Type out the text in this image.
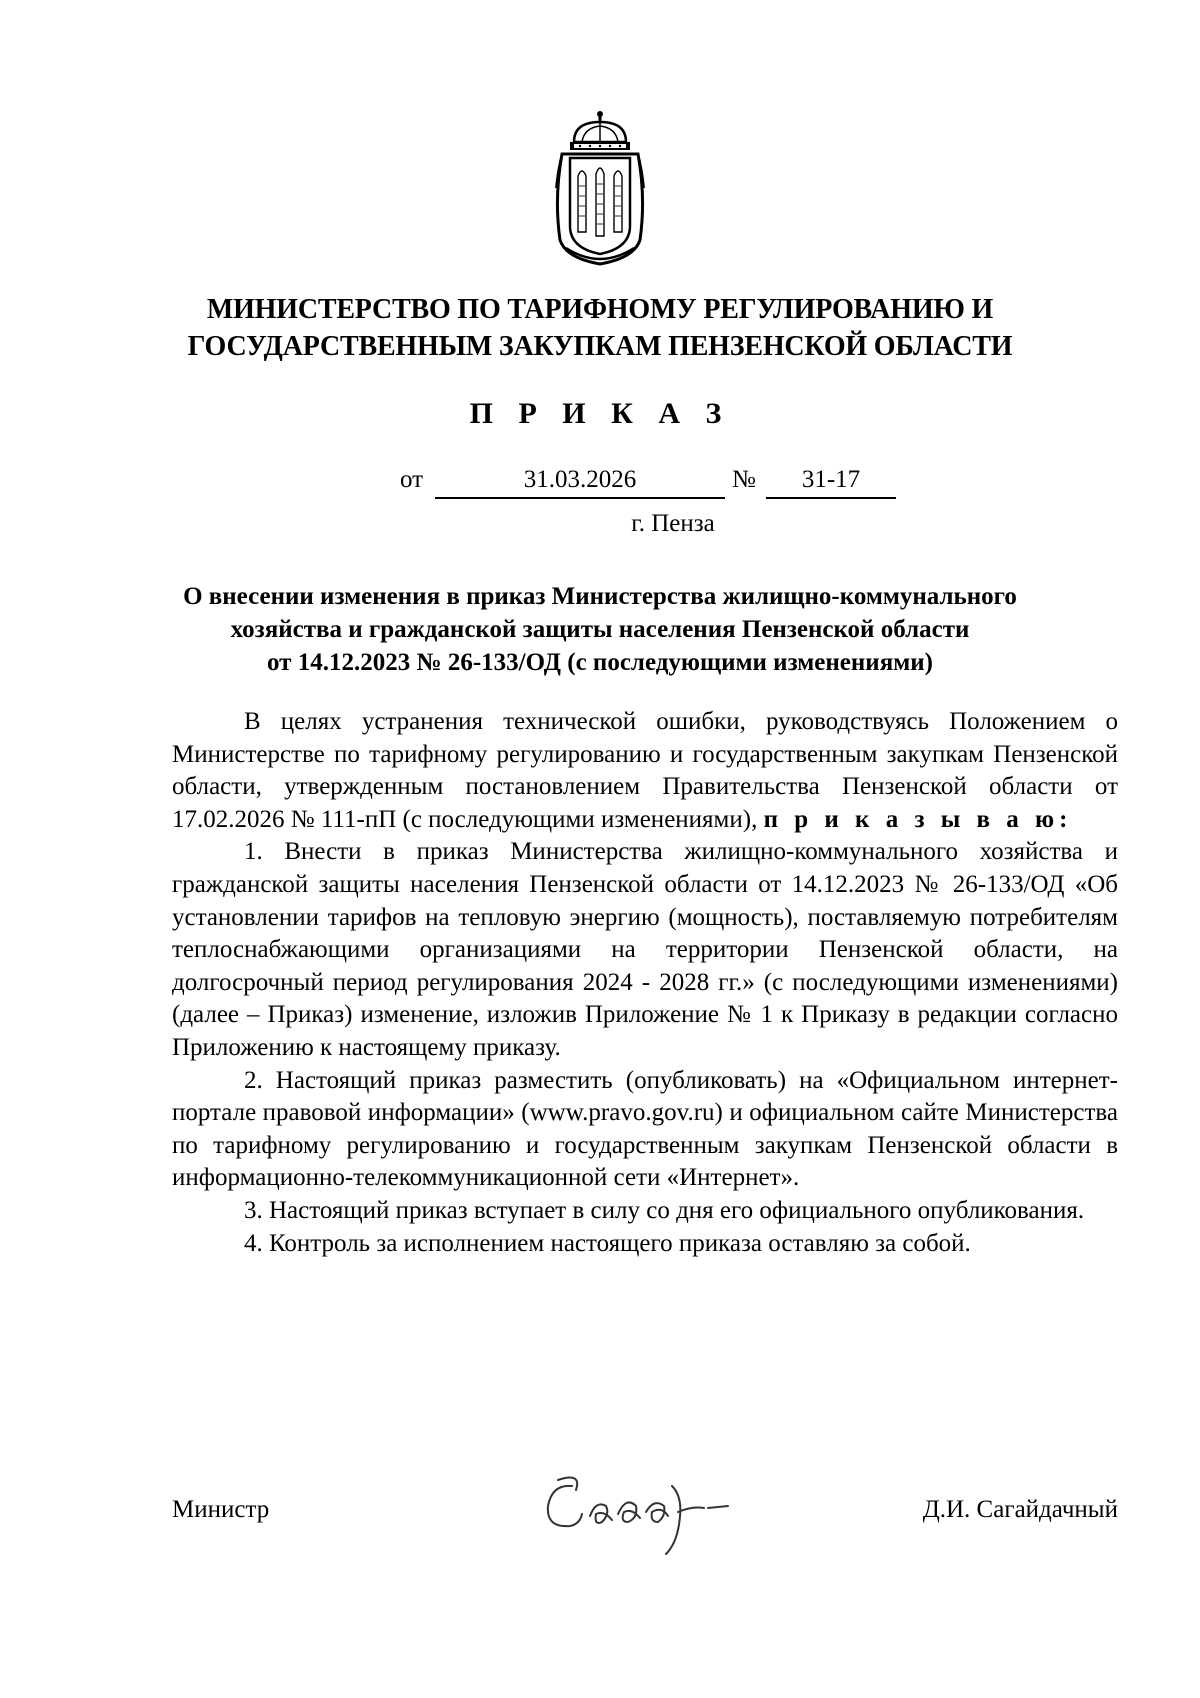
МИНИСТЕРСТВО ПО ТАРИФНОМУ РЕГУЛИРОВАНИЮ И
ГОСУДАРСТВЕННЫМ ЗАКУПКАМ ПЕНЗЕНСКОЙ ОБЛАСТИ
П Р И К А З
от	31.03.2026	№	31-17
г. Пенза
О внесении изменения в приказ Министерства жилищно-коммунального
хозяйства и гражданской защиты населения Пензенской области
от 14.12.2023 № 26-133/ОД (с последующими изменениями)

В целях устранения технической ошибки, руководствуясь Положением о Министерстве по тарифному регулированию и государственным закупкам Пензенской области, утвержденным постановлением Правительства Пензенской области от 17.02.2026 № 111-пП (с последующими изменениями), п р и к а з ы в а ю:

1. Внести в приказ Министерства жилищно-коммунального хозяйства и гражданской защиты населения Пензенской области от 14.12.2023 № 26-133/ОД «Об установлении тарифов на тепловую энергию (мощность), поставляемую потребителям теплоснабжающими организациями на территории Пензенской области, на долгосрочный период регулирования 2024 - 2028 гг.» (с последующими изменениями) (далее – Приказ) изменение, изложив Приложение № 1 к Приказу в редакции согласно Приложению к настоящему приказу.

2. Настоящий приказ разместить (опубликовать) на «Официальном интернет-портале правовой информации» (www.pravo.gov.ru) и официальном сайте Министерства по тарифному регулированию и государственным закупкам Пензенской области в информационно-телекоммуникационной сети «Интернет».

3. Настоящий приказ вступает в силу со дня его официального опубликования.

4. Контроль за исполнением настоящего приказа оставляю за собой.

Министр	Д.И. Сагайдачный
